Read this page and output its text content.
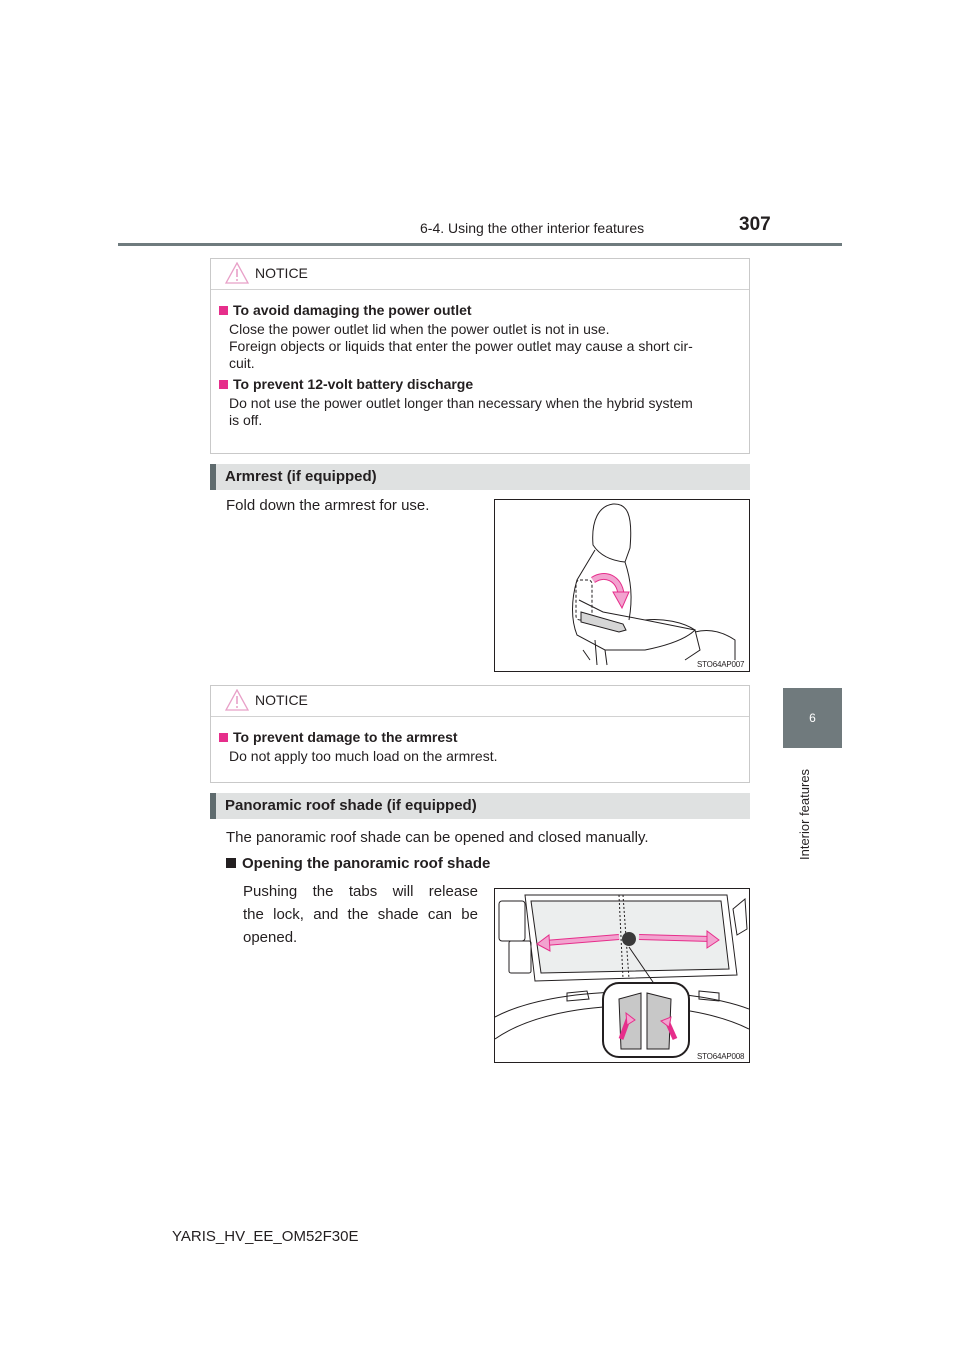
6-4. Using the other interior features	307
6
Interior features
NOTICE
To avoid damaging the power outlet
Close the power outlet lid when the power outlet is not in use.
Foreign objects or liquids that enter the power outlet may cause a short cir-
cuit.
To prevent 12-volt battery discharge
Do not use the power outlet longer than necessary when the hybrid system
is off.
Armrest (if equipped)
Fold down the armrest for use.
STO64AP007
NOTICE
To prevent damage to the armrest
Do not apply too much load on the armrest.
Panoramic roof shade (if equipped)
The panoramic roof shade can be opened and closed manually.
Opening the panoramic roof shade
Pushing the tabs will release
the lock, and the shade can be
opened.
STO64AP008
YARIS_HV_EE_OM52F30E
